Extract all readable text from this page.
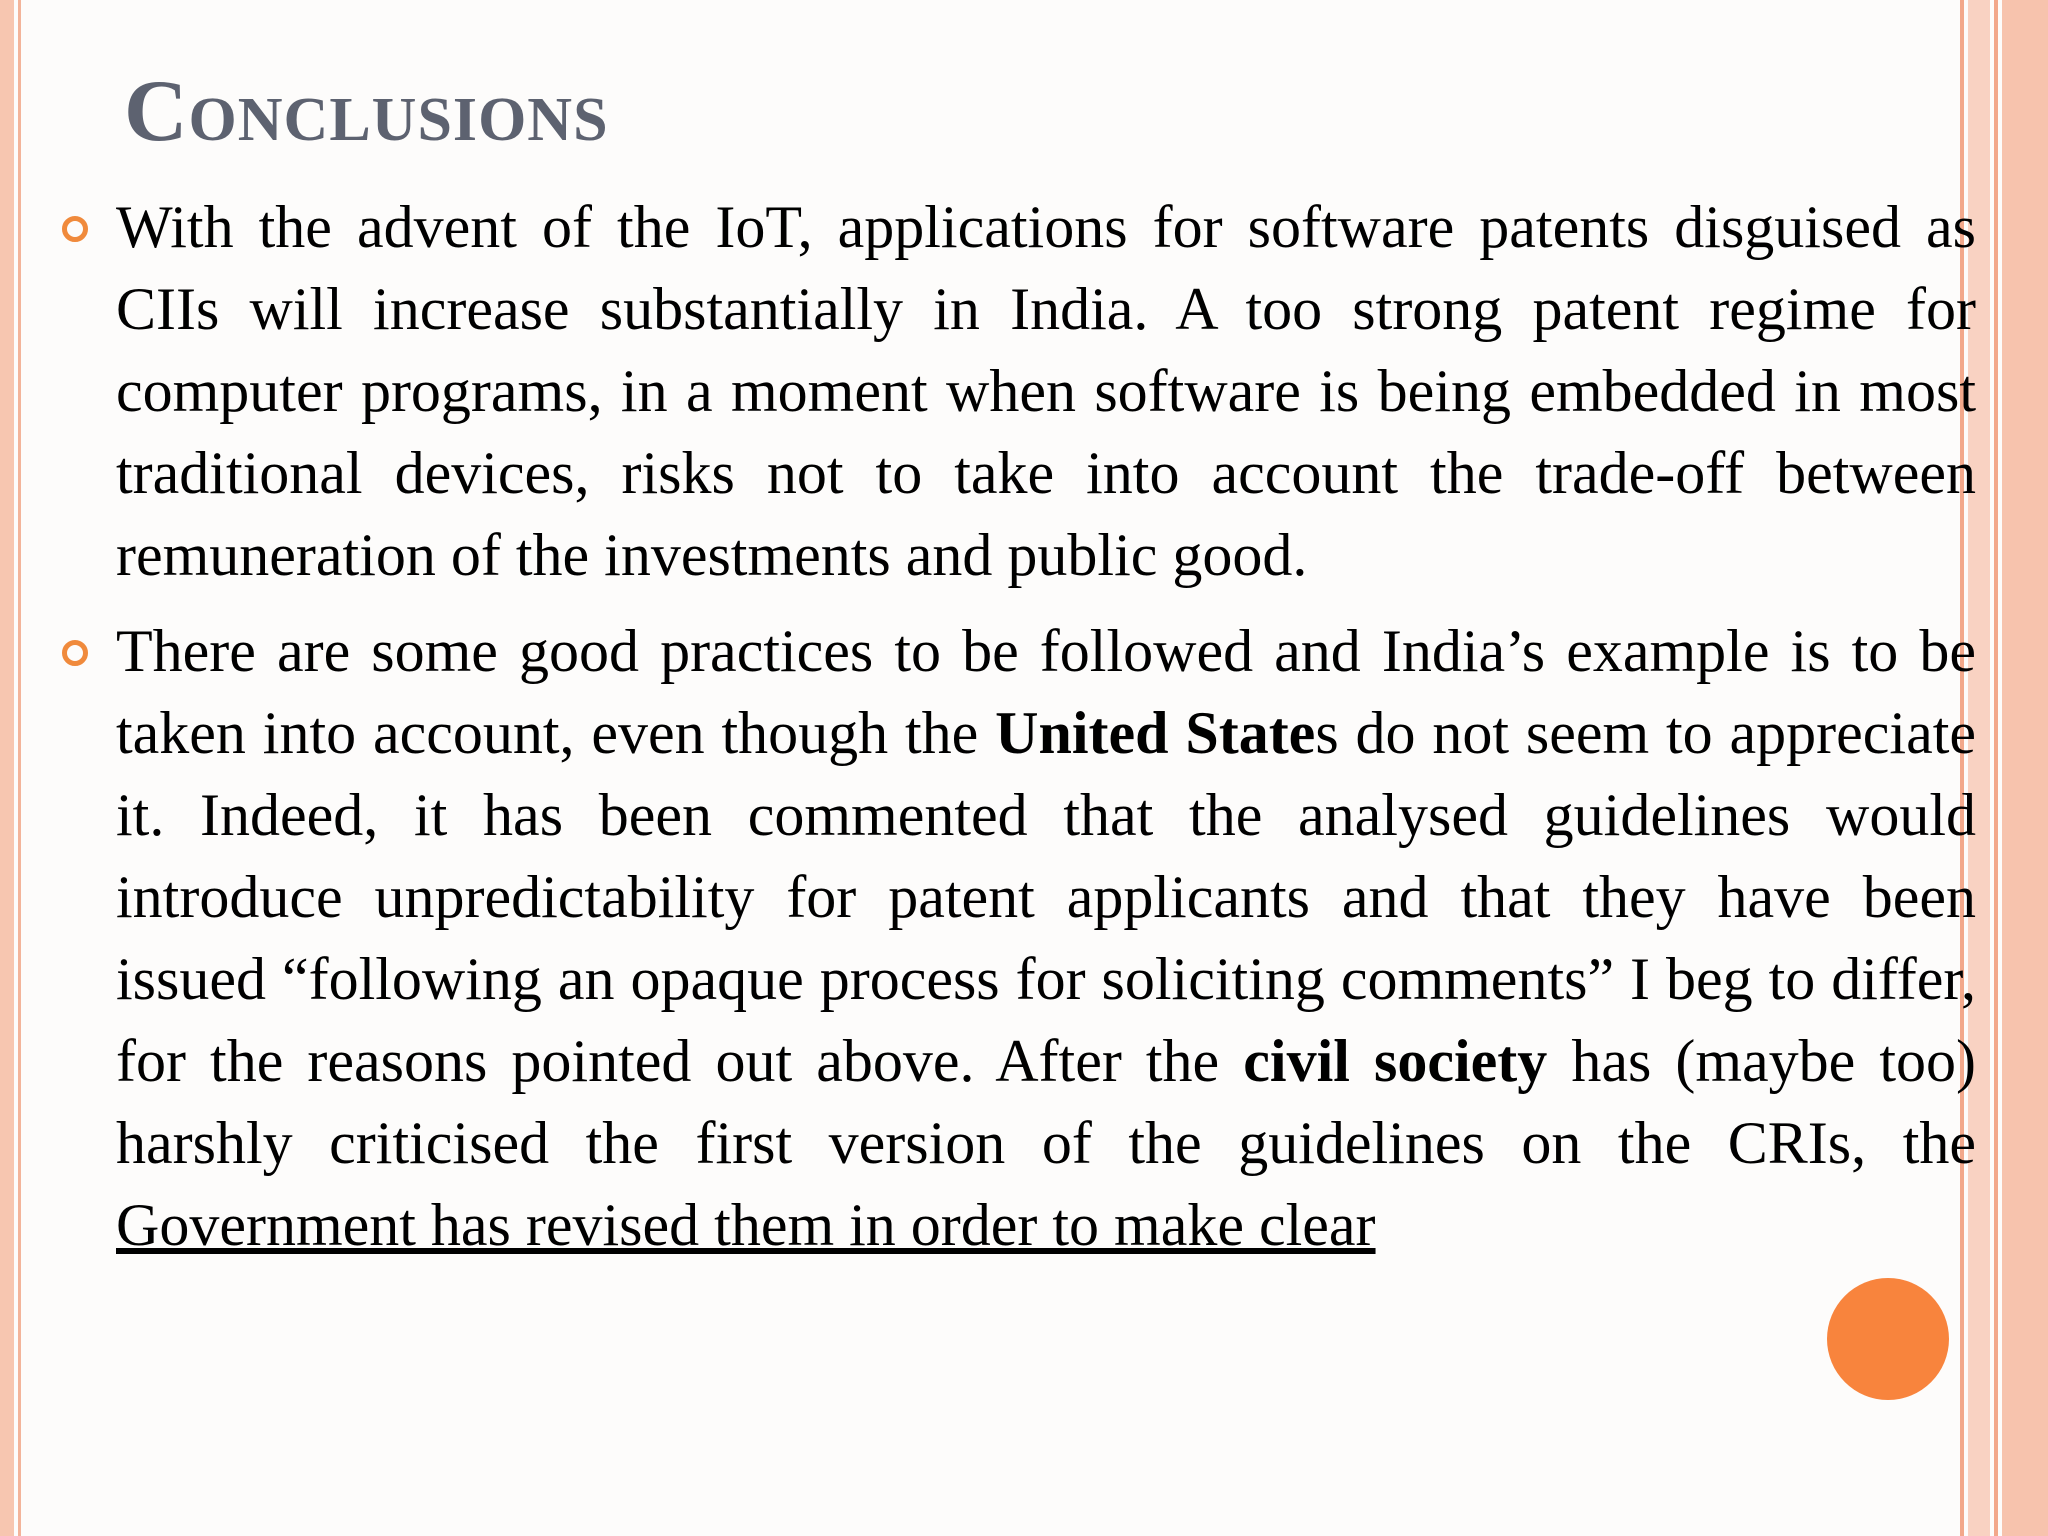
Conclusions

With the advent of the IoT, applications for software patents disguised as CIIs will increase substantially in India. A too strong patent regime for computer programs, in a moment when software is being embedded in most traditional devices, risks not to take into account the trade-off between remuneration of the investments and public good.

There are some good practices to be followed and India’s example is to be taken into account, even though the United States do not seem to appreciate it. Indeed, it has been commented that the analysed guidelines would introduce unpredictability for patent applicants and that they have been issued “following an opaque process for soliciting comments” I beg to differ, for the reasons pointed out above. After the civil society has (maybe too) harshly criticised the first version of the guidelines on the CRIs, the Government has revised them in order to make clear
